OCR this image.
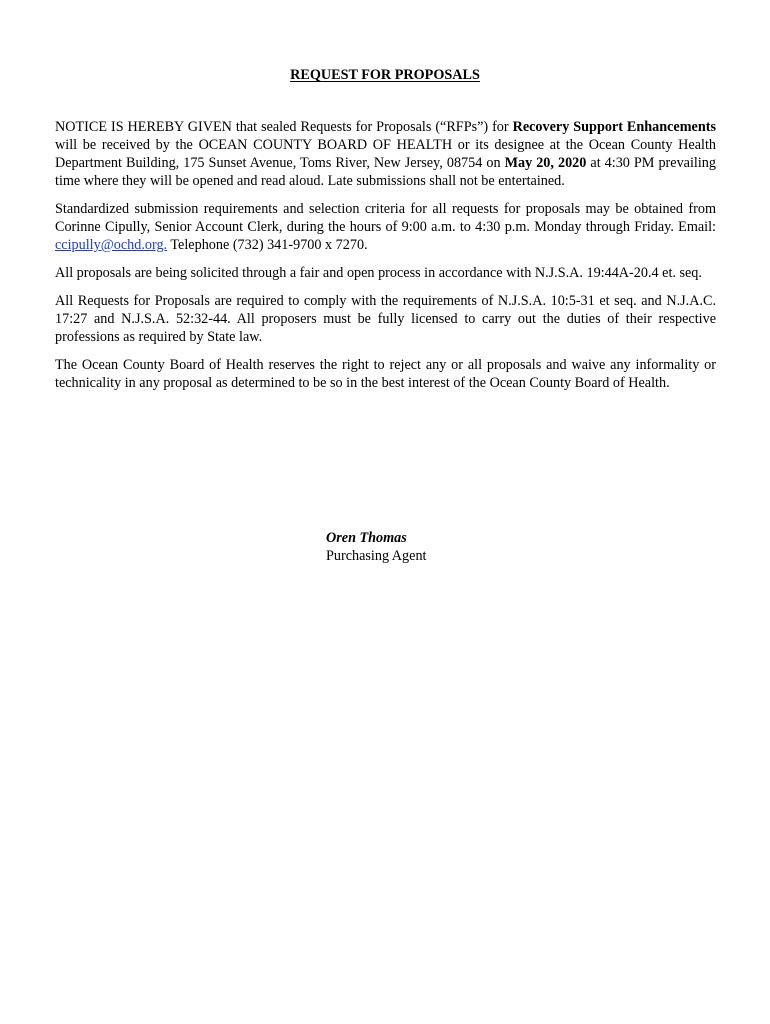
REQUEST FOR PROPOSALS

NOTICE IS HEREBY GIVEN that sealed Requests for Proposals (“RFPs”) for Recovery Support Enhancements will be received by the OCEAN COUNTY BOARD OF HEALTH or its designee at the Ocean County Health Department Building, 175 Sunset Avenue, Toms River, New Jersey, 08754 on May 20, 2020 at 4:30 PM prevailing time where they will be opened and read aloud. Late submissions shall not be entertained.

Standardized submission requirements and selection criteria for all requests for proposals may be obtained from Corinne Cipully, Senior Account Clerk, during the hours of 9:00 a.m. to 4:30 p.m. Monday through Friday. Email: ccipully@ochd.org. Telephone (732) 341-9700 x 7270.

All proposals are being solicited through a fair and open process in accordance with N.J.S.A. 19:44A-20.4 et. seq.

All Requests for Proposals are required to comply with the requirements of N.J.S.A. 10:5-31 et seq. and N.J.A.C. 17:27 and N.J.S.A. 52:32-44. All proposers must be fully licensed to carry out the duties of their respective professions as required by State law.

The Ocean County Board of Health reserves the right to reject any or all proposals and waive any informality or technicality in any proposal as determined to be so in the best interest of the Ocean County Board of Health.

Oren Thomas
Purchasing Agent
